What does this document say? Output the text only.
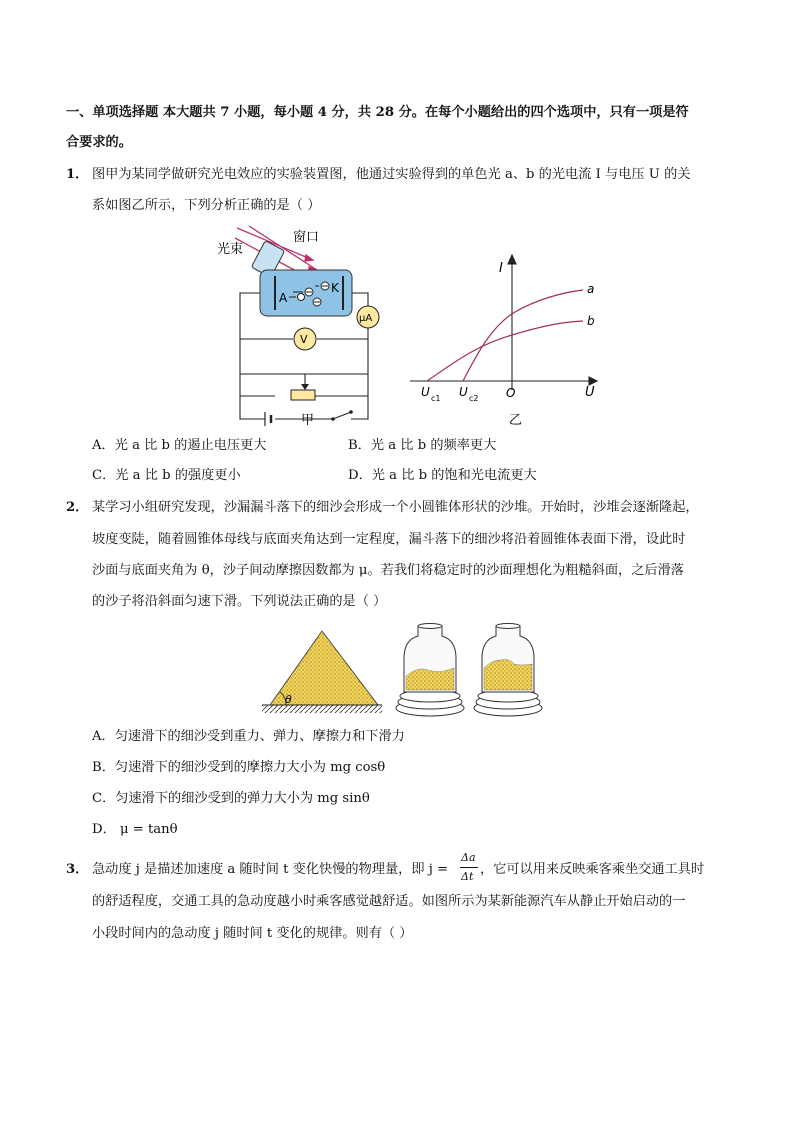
一、单项选择题 本大题共 7 小题，每小题 4 分，共 28 分。在每个小题给出的四个选项中，只有一项是符
合要求的。
1． 图甲为某同学做研究光电效应的实验装置图，他通过实验得到的单色光 a、b 的光电流 I 与电压 U 的关
系如图乙所示，下列分析正确的是（ ）
光束
窗口
A
K
μA
V
甲
I
U
O
U c1 U c2
a
b
乙
A．光 a 比 b 的遏止电压更大	B．光 a 比 b 的频率更大
C．光 a 比 b 的强度更小	D．光 a 比 b 的饱和光电流更大
2． 某学习小组研究发现，沙漏漏斗落下的细沙会形成一个小圆锥体形状的沙堆。开始时，沙堆会逐渐隆起，
坡度变陡，随着圆锥体母线与底面夹角达到一定程度，漏斗落下的细沙将沿着圆锥体表面下滑，设此时
沙面与底面夹角为 θ，沙子间动摩擦因数都为 μ。若我们将稳定时的沙面理想化为粗糙斜面，之后滑落
的沙子将沿斜面匀速下滑。下列说法正确的是（ ）
θ
A．匀速滑下的细沙受到重力、弹力、摩擦力和下滑力
B．匀速滑下的细沙受到的摩擦力大小为 mg cosθ
C．匀速滑下的细沙受到的弹力大小为 mg sinθ
D． μ = tanθ
3． 急动度 j 是描述加速度 a 随时间 t 变化快慢的物理量，即 j =
Δa
Δt ，它可以用来反映乘客乘坐交通工具时
的舒适程度，交通工具的急动度越小时乘客感觉越舒适。如图所示为某新能源汽车从静止开始启动的一
小段时间内的急动度 j 随时间 t 变化的规律。则有（ ）
